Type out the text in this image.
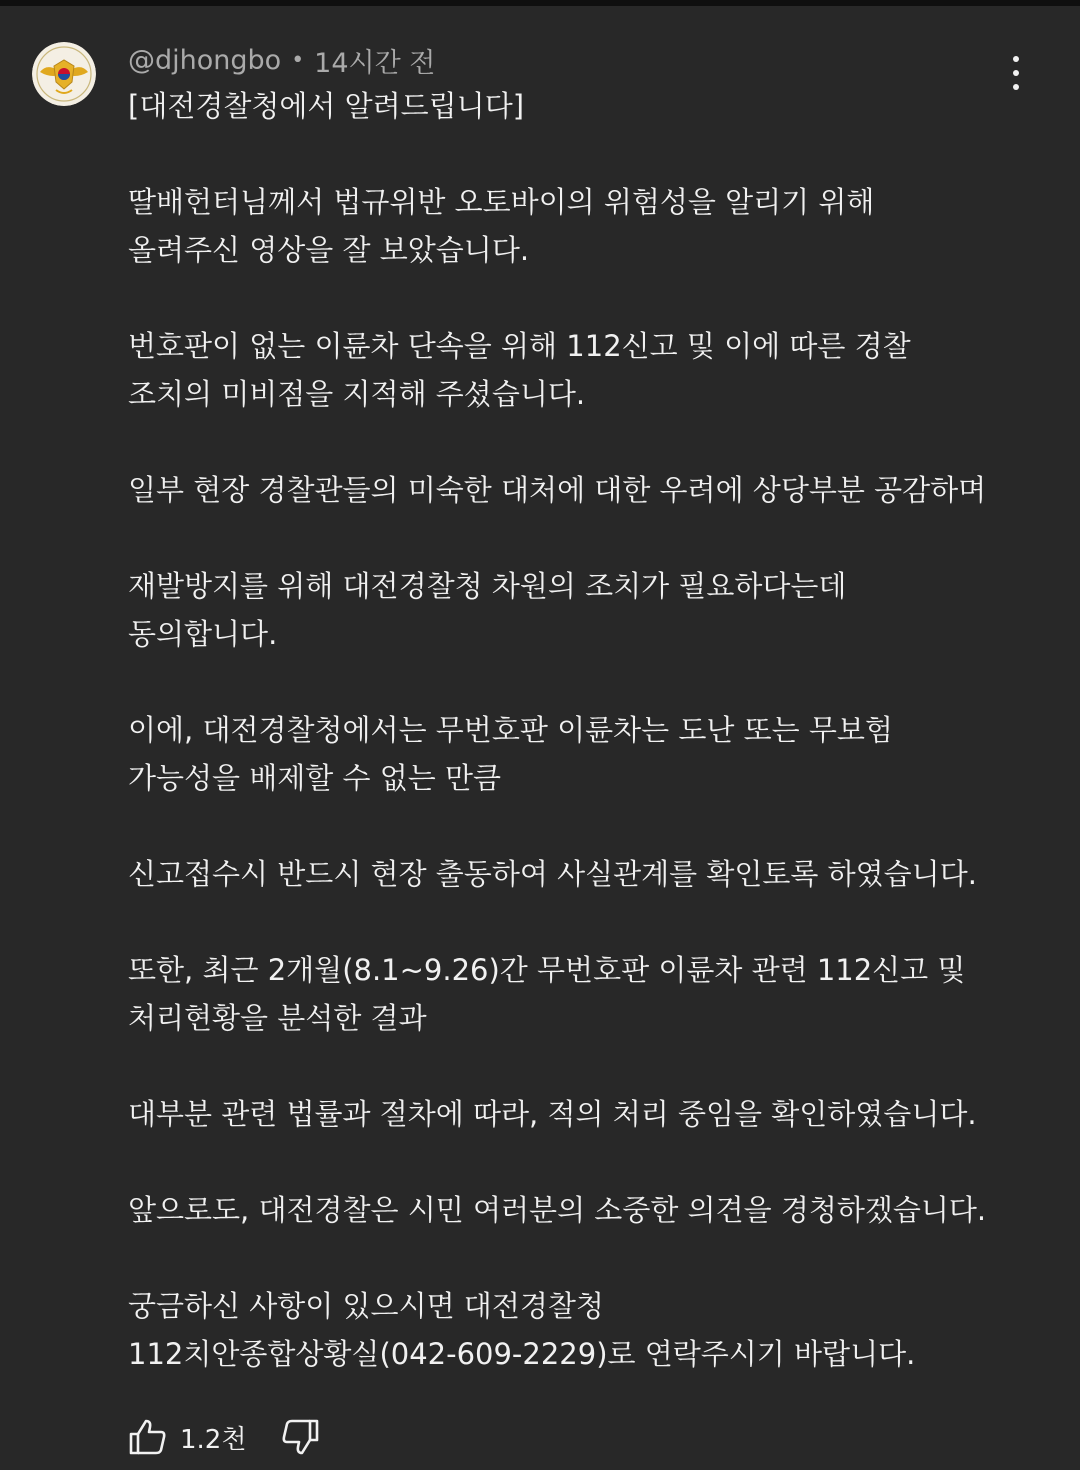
@djhongbo • 14시간 전
[대전경찰청에서 알려드립니다]
딸배헌터님께서 법규위반 오토바이의 위험성을 알리기 위해
올려주신 영상을 잘 보았습니다.
번호판이 없는 이륜차 단속을 위해 112신고 및 이에 따른 경찰
조치의 미비점을 지적해 주셨습니다.
일부 현장 경찰관들의 미숙한 대처에 대한 우려에 상당부분 공감하며
재발방지를 위해 대전경찰청 차원의 조치가 필요하다는데
동의합니다.
이에, 대전경찰청에서는 무번호판 이륜차는 도난 또는 무보험
가능성을 배제할 수 없는 만큼
신고접수시 반드시 현장 출동하여 사실관계를 확인토록 하였습니다.
또한, 최근 2개월(8.1~9.26)간 무번호판 이륜차 관련 112신고 및
처리현황을 분석한 결과
대부분 관련 법률과 절차에 따라, 적의 처리 중임을 확인하였습니다.
앞으로도, 대전경찰은 시민 여러분의 소중한 의견을 경청하겠습니다.
궁금하신 사항이 있으시면 대전경찰청
112치안종합상황실(042-609-2229)로 연락주시기 바랍니다.
1.2천
